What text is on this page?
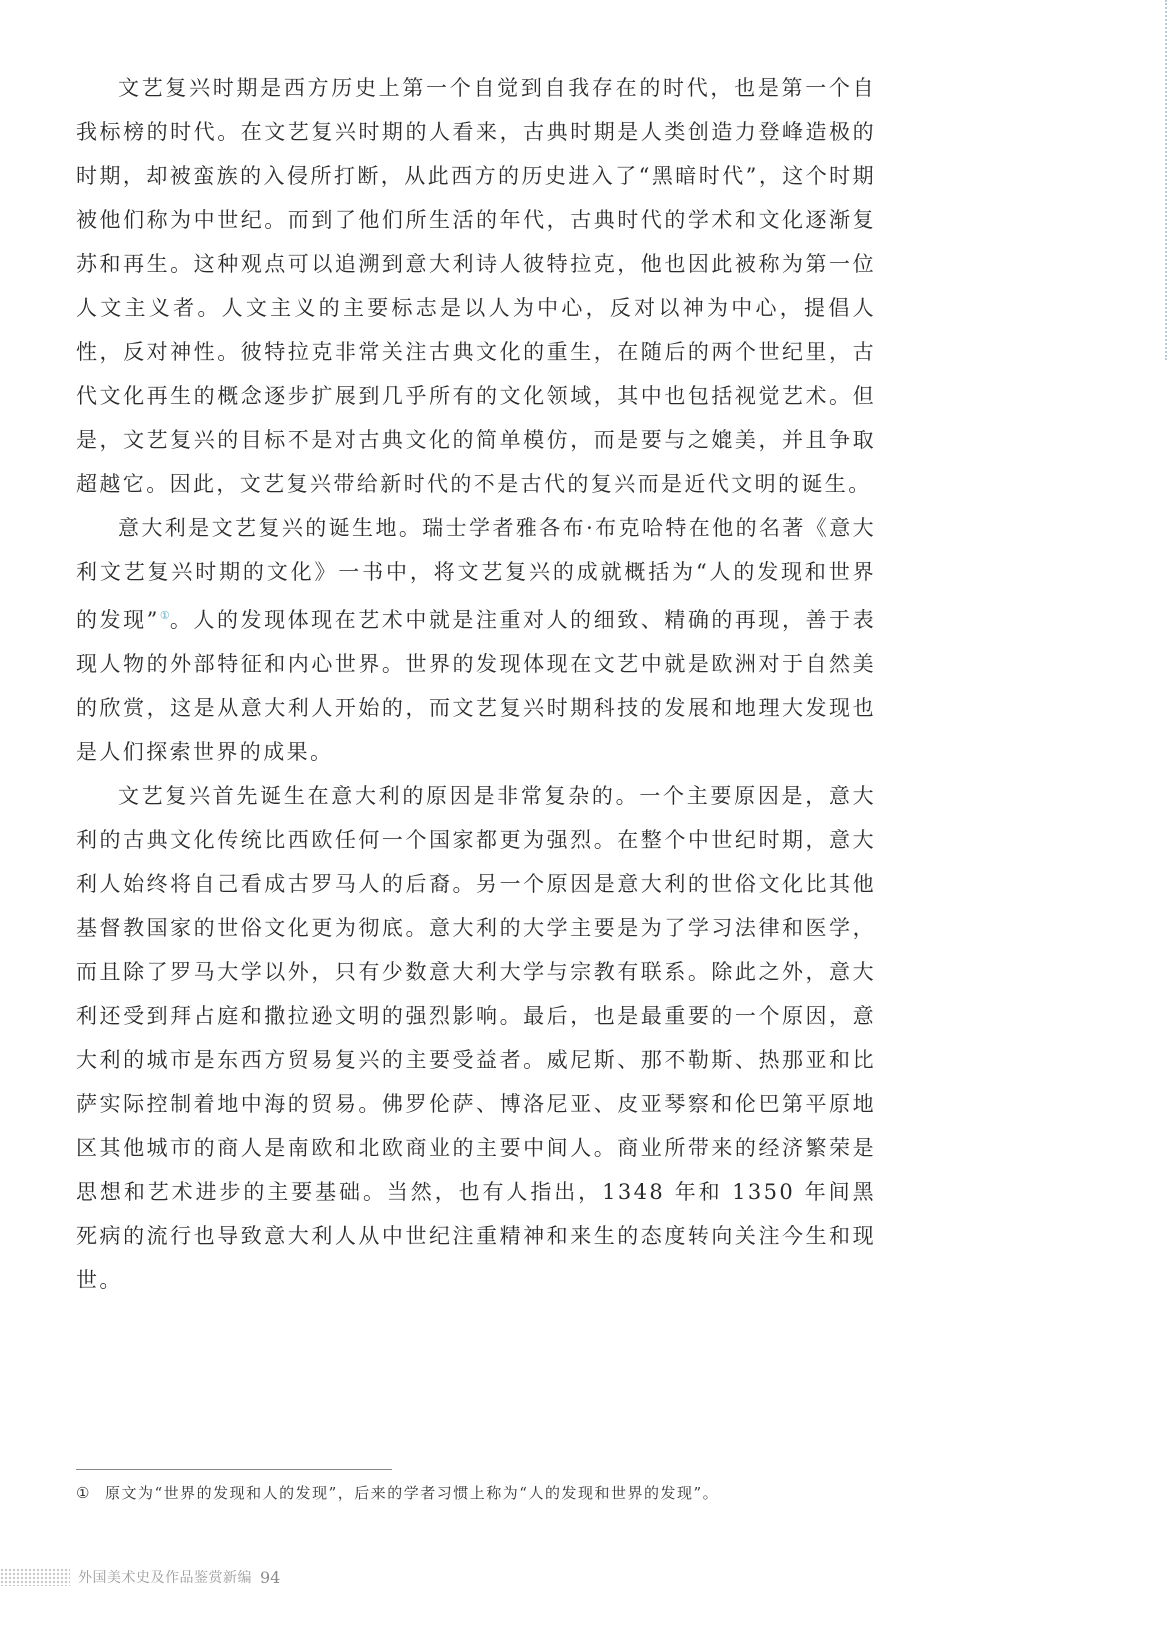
文艺复兴时期是西方历史上第一个自觉到自我存在的时代，也是第一个自我标榜的时代。在文艺复兴时期的人看来，古典时期是人类创造力登峰造极的时期，却被蛮族的入侵所打断，从此西方的历史进入了“黑暗时代”，这个时期被他们称为中世纪。而到了他们所生活的年代，古典时代的学术和文化逐渐复苏和再生。这种观点可以追溯到意大利诗人彼特拉克，他也因此被称为第一位人文主义者。人文主义的主要标志是以人为中心，反对以神为中心，提倡人性，反对神性。彼特拉克非常关注古典文化的重生，在随后的两个世纪里，古代文化再生的概念逐步扩展到几乎所有的文化领域，其中也包括视觉艺术。但是，文艺复兴的目标不是对古典文化的简单模仿，而是要与之媲美，并且争取超越它。因此，文艺复兴带给新时代的不是古代的复兴而是近代文明的诞生。

意大利是文艺复兴的诞生地。瑞士学者雅各布·布克哈特在他的名著《意大利文艺复兴时期的文化》一书中，将文艺复兴的成就概括为“人的发现和世界的发现”①。人的发现体现在艺术中就是注重对人的细致、精确的再现，善于表现人物的外部特征和内心世界。世界的发现体现在文艺中就是欧洲对于自然美的欣赏，这是从意大利人开始的，而文艺复兴时期科技的发展和地理大发现也是人们探索世界的成果。

文艺复兴首先诞生在意大利的原因是非常复杂的。一个主要原因是，意大利的古典文化传统比西欧任何一个国家都更为强烈。在整个中世纪时期，意大利人始终将自己看成古罗马人的后裔。另一个原因是意大利的世俗文化比其他基督教国家的世俗文化更为彻底。意大利的大学主要是为了学习法律和医学，而且除了罗马大学以外，只有少数意大利大学与宗教有联系。除此之外，意大利还受到拜占庭和撒拉逊文明的强烈影响。最后，也是最重要的一个原因，意大利的城市是东西方贸易复兴的主要受益者。威尼斯、那不勒斯、热那亚和比萨实际控制着地中海的贸易。佛罗伦萨、博洛尼亚、皮亚琴察和伦巴第平原地区其他城市的商人是南欧和北欧商业的主要中间人。商业所带来的经济繁荣是思想和艺术进步的主要基础。当然，也有人指出，1348 年和 1350 年间黑死病的流行也导致意大利人从中世纪注重精神和来生的态度转向关注今生和现世。

① 原文为“世界的发现和人的发现”，后来的学者习惯上称为“人的发现和世界的发现”。
外国美术史及作品鉴赏新编 94
